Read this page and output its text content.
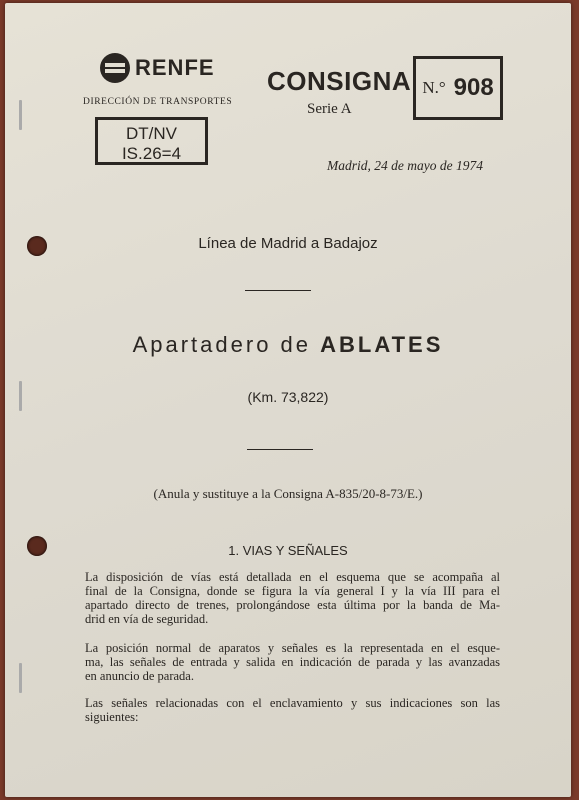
RENFE
DIRECCIÓN DE TRANSPORTES
DT/NV
IS.26=4
CONSIGNA
Serie A
N.° 908
Madrid, 24 de mayo de 1974
Línea de Madrid a Badajoz
Apartadero de ABLATES
(Km. 73,822)
(Anula y sustituye a la Consigna A-835/20-8-73/E.)
1. VIAS Y SEÑALES
La disposición de vías está detallada en el esquema que se acompaña al
final de la Consigna, donde se figura la vía general I y la vía III para el
apartado directo de trenes, prolongándose esta última por la banda de Ma-
drid en vía de seguridad.
La posición normal de aparatos y señales es la representada en el esque-
ma, las señales de entrada y salida en indicación de parada y las avanzadas
en anuncio de parada.
Las señales relacionadas con el enclavamiento y sus indicaciones son las
siguientes:
